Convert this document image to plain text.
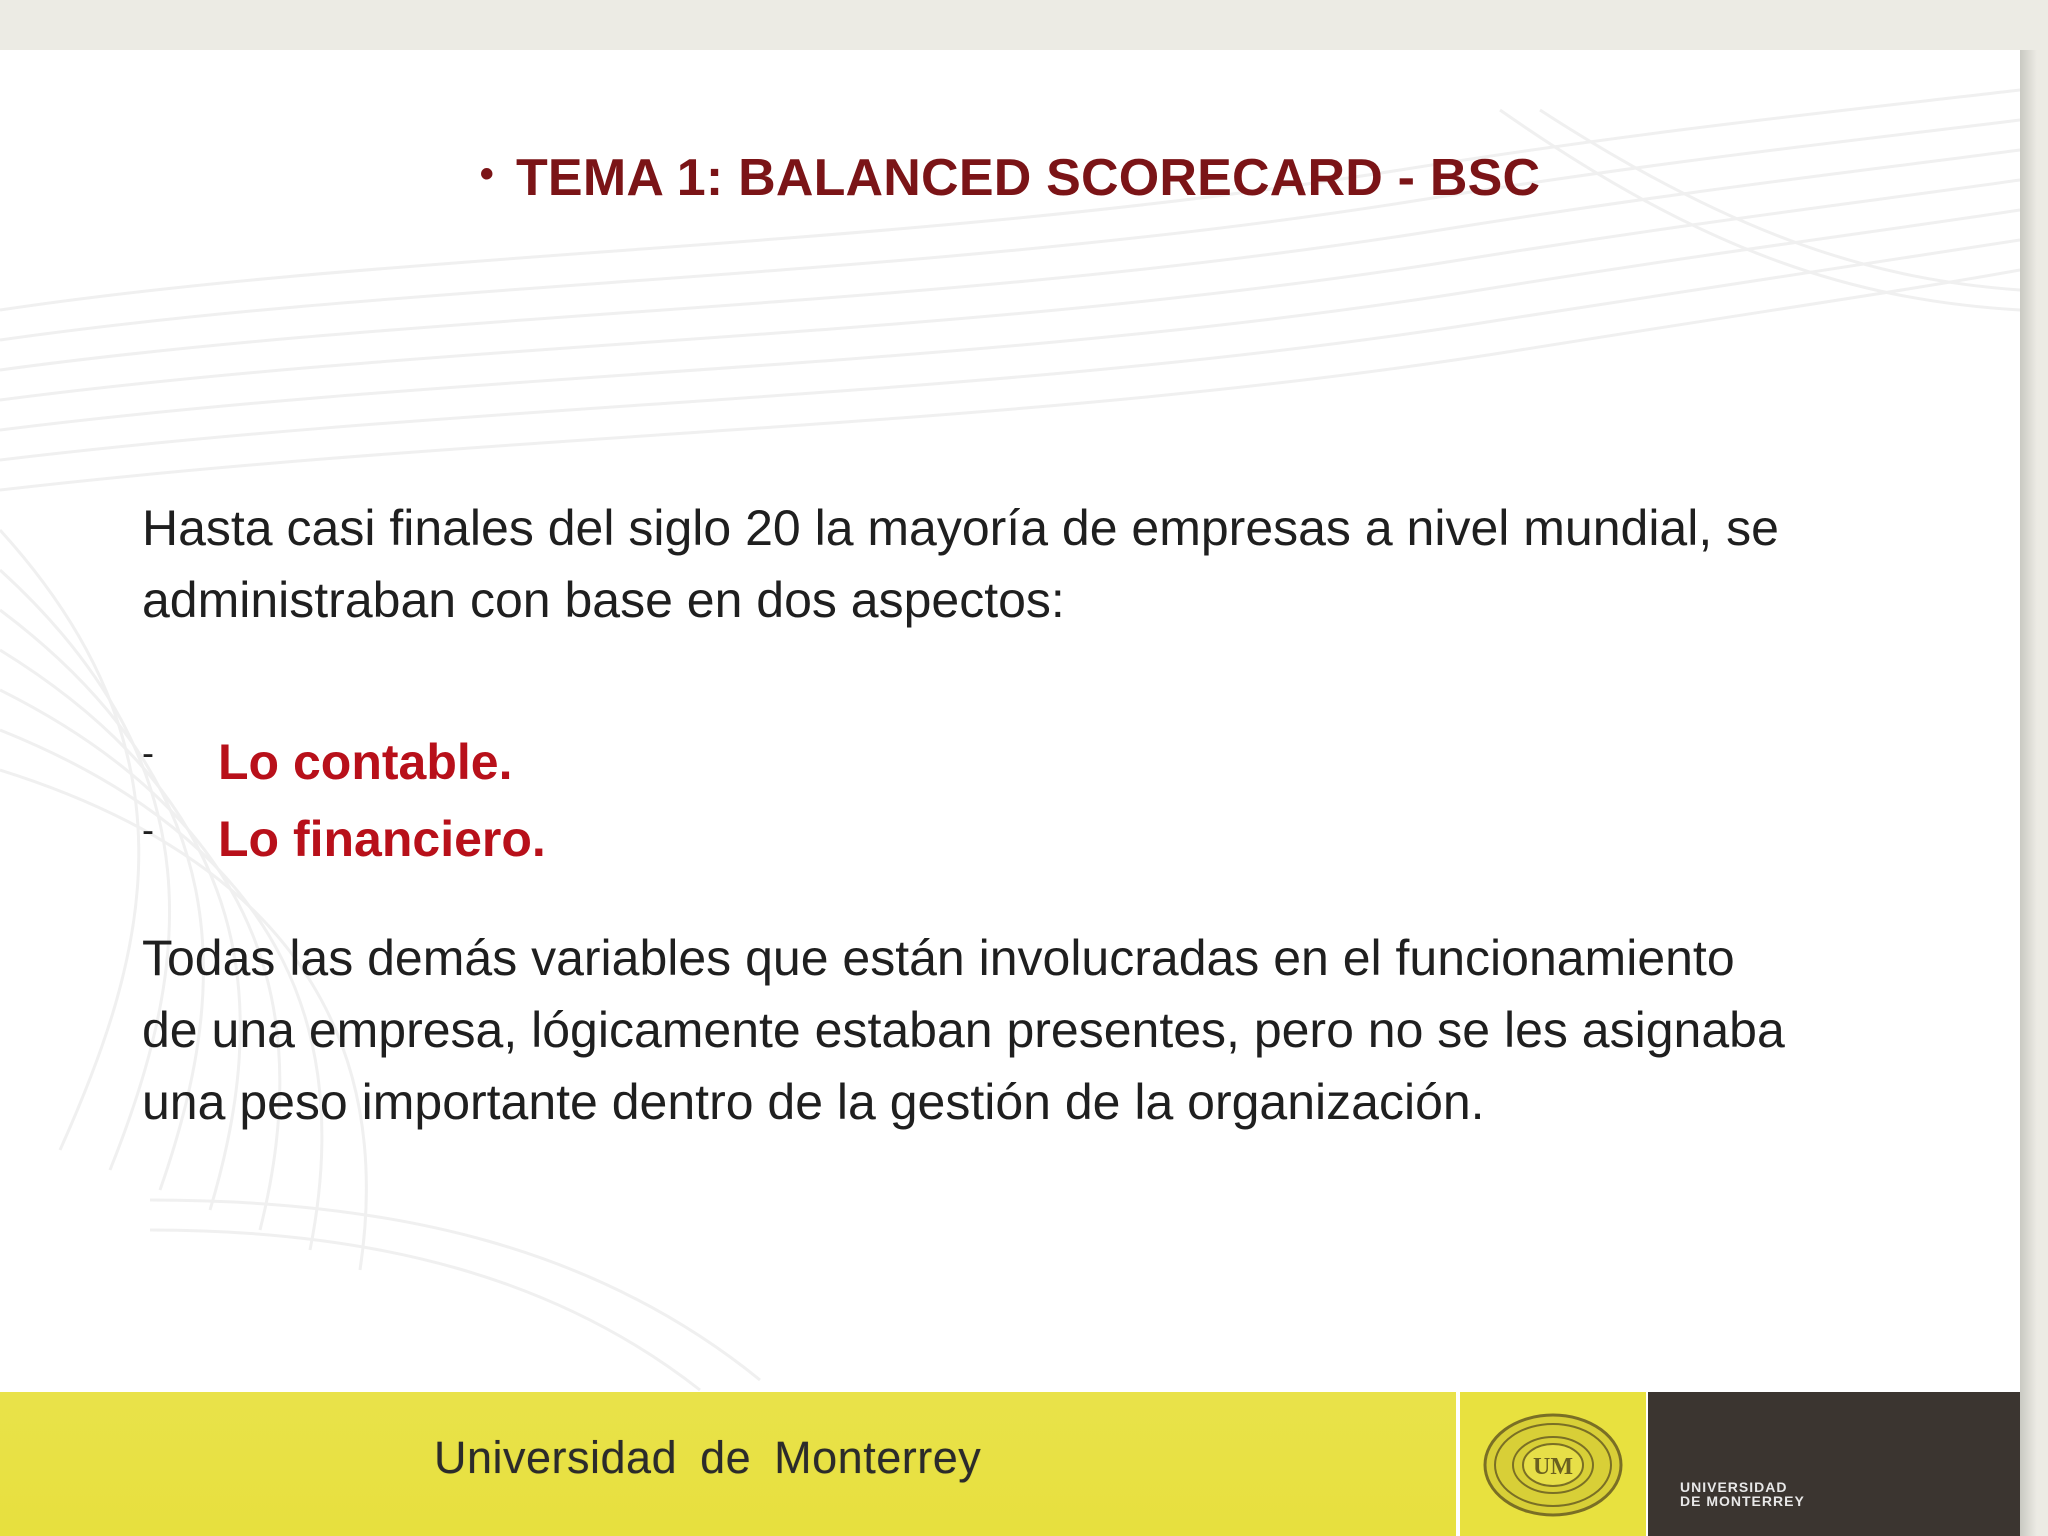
• TEMA 1: BALANCED SCORECARD - BSC
Hasta casi finales del siglo 20 la mayoría de empresas a nivel mundial, se administraban con base en dos aspectos:
-	Lo contable.
-	Lo financiero.
Todas las demás variables que están involucradas en el funcionamiento
de una empresa, lógicamente estaban presentes, pero no se les asignaba
una peso importante dentro de la gestión de la organización.
Universidad de Monterrey	UM
UNIVERSIDAD
DE MONTERREY
